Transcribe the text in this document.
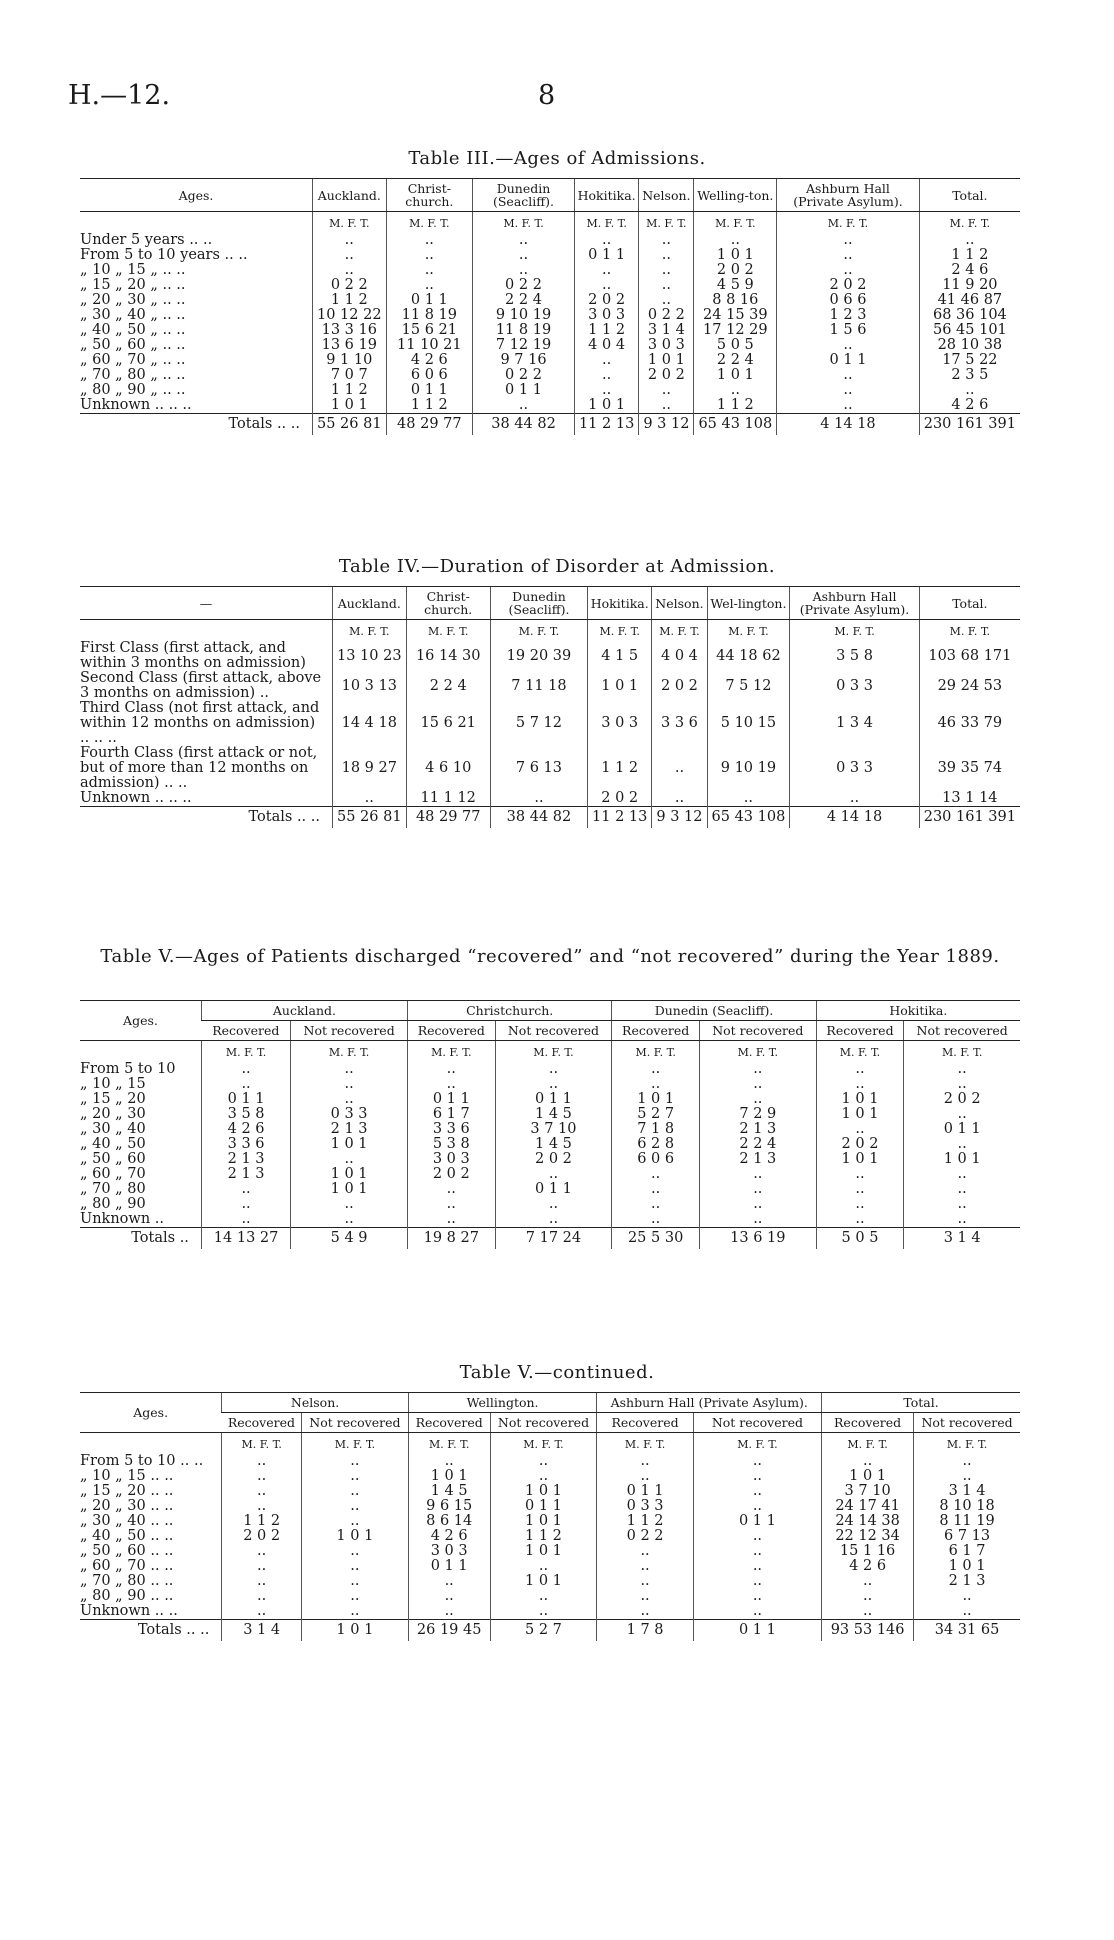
H.—12.	8
Table III.—Ages of Admissions.
Ages.	Auckland.	Christ-church.	Dunedin (Seacliff).	Hokitika.	Nelson.	Welling-ton.	Ashburn Hall (Private Asylum).	Total.
	M. F. T.	M. F. T.	M. F. T.	M. F. T.	M. F. T.	M. F. T.	M. F. T.	M. F. T.
Under 5 years .. ..	..	..	..	..	..	..	..	..
From 5 to 10 years .. ..	..	..	..	0 1 1	..	1 0 1	..	1 1 2
„ 10 „ 15 „ .. ..	..	..	..	..	..	2 0 2	..	2 4 6
„ 15 „ 20 „ .. ..	0 2 2	..	0 2 2	..	..	4 5 9	2 0 2	11 9 20
„ 20 „ 30 „ .. ..	1 1 2	0 1 1	2 2 4	2 0 2	..	8 8 16	0 6 6	41 46 87
„ 30 „ 40 „ .. ..	10 12 22	11 8 19	9 10 19	3 0 3	0 2 2	24 15 39	1 2 3	68 36 104
„ 40 „ 50 „ .. ..	13 3 16	15 6 21	11 8 19	1 1 2	3 1 4	17 12 29	1 5 6	56 45 101
„ 50 „ 60 „ .. ..	13 6 19	11 10 21	7 12 19	4 0 4	3 0 3	5 0 5	..	28 10 38
„ 60 „ 70 „ .. ..	9 1 10	4 2 6	9 7 16	..	1 0 1	2 2 4	0 1 1	17 5 22
„ 70 „ 80 „ .. ..	7 0 7	6 0 6	0 2 2	..	2 0 2	1 0 1	..	2 3 5
„ 80 „ 90 „ .. ..	1 1 2	0 1 1	0 1 1	..	..	..	..	..
Unknown .. .. ..	1 0 1	1 1 2	..	1 0 1	..	1 1 2	..	4 2 6
Totals .. ..	55 26 81	48 29 77	38 44 82	11 2 13	9 3 12	65 43 108	4 14 18	230 161 391
Table IV.—Duration of Disorder at Admission.
—	Auckland.	Christ-church.	Dunedin (Seacliff).	Hokitika.	Nelson.	Wel-lington.	Ashburn Hall (Private Asylum).	Total.
	M. F. T.	M. F. T.	M. F. T.	M. F. T.	M. F. T.	M. F. T.	M. F. T.	M. F. T.
First Class (first attack, and within 3 months on admission)	13 10 23	16 14 30	19 20 39	4 1 5	4 0 4	44 18 62	3 5 8	103 68 171
Second Class (first attack, above 3 months on admission) ..	10 3 13	2 2 4	7 11 18	1 0 1	2 0 2	7 5 12	0 3 3	29 24 53
Third Class (not first attack, and within 12 months on admission) .. .. ..	14 4 18	15 6 21	5 7 12	3 0 3	3 3 6	5 10 15	1 3 4	46 33 79
Fourth Class (first attack or not, but of more than 12 months on admission) .. ..	18 9 27	4 6 10	7 6 13	1 1 2	..	9 10 19	0 3 3	39 35 74
Unknown .. .. ..	..	11 1 12	..	2 0 2	..	..	..	13 1 14
Totals .. ..	55 26 81	48 29 77	38 44 82	11 2 13	9 3 12	65 43 108	4 14 18	230 161 391
Table V.—Ages of Patients discharged “recovered” and “not recovered” during the Year 1889.
Ages.	Auckland.		Christchurch.		Dunedin (Seacliff).		Hokitika.	
	Recovered	Not recovered	Recovered	Not recovered	Recovered	Not recovered	Recovered	Not recovered
	M. F. T.	M. F. T.	M. F. T.	M. F. T.	M. F. T.	M. F. T.	M. F. T.	M. F. T.
From 5 to 10	..	..	..	..	..	..	..	..
„ 10 „ 15	..	..	..	..	..	..	..	..
„ 15 „ 20	0 1 1	..	0 1 1	0 1 1	1 0 1	..	1 0 1	2 0 2
„ 20 „ 30	3 5 8	0 3 3	6 1 7	1 4 5	5 2 7	7 2 9	1 0 1	..
„ 30 „ 40	4 2 6	2 1 3	3 3 6	3 7 10	7 1 8	2 1 3	..	0 1 1
„ 40 „ 50	3 3 6	1 0 1	5 3 8	1 4 5	6 2 8	2 2 4	2 0 2	..
„ 50 „ 60	2 1 3	..	3 0 3	2 0 2	6 0 6	2 1 3	1 0 1	1 0 1
„ 60 „ 70	2 1 3	1 0 1	2 0 2	..	..	..	..	..
„ 70 „ 80	..	1 0 1	..	0 1 1	..	..	..	..
„ 80 „ 90	..	..	..	..	..	..	..	..
Unknown ..	..	..	..	..	..	..	..	..
Totals ..	14 13 27	5 4 9	19 8 27	7 17 24	25 5 30	13 6 19	5 0 5	3 1 4
Table V.—continued.
Ages.	Nelson.		Wellington.		Ashburn Hall (Private Asylum).		Total.	
	Recovered	Not recovered	Recovered	Not recovered	Recovered	Not recovered	Recovered	Not recovered
	M. F. T.	M. F. T.	M. F. T.	M. F. T.	M. F. T.	M. F. T.	M. F. T.	M. F. T.
From 5 to 10 .. ..	..	..	..	..	..	..	..	..
„ 10 „ 15 .. ..	..	..	1 0 1	..	..	..	1 0 1	..
„ 15 „ 20 .. ..	..	..	1 4 5	1 0 1	0 1 1	..	3 7 10	3 1 4
„ 20 „ 30 .. ..	..	..	9 6 15	0 1 1	0 3 3	..	24 17 41	8 10 18
„ 30 „ 40 .. ..	1 1 2	..	8 6 14	1 0 1	1 1 2	0 1 1	24 14 38	8 11 19
„ 40 „ 50 .. ..	2 0 2	1 0 1	4 2 6	1 1 2	0 2 2	..	22 12 34	6 7 13
„ 50 „ 60 .. ..	..	..	3 0 3	1 0 1	..	..	15 1 16	6 1 7
„ 60 „ 70 .. ..	..	..	0 1 1	..	..	..	4 2 6	1 0 1
„ 70 „ 80 .. ..	..	..	..	1 0 1	..	..	..	2 1 3
„ 80 „ 90 .. ..	..	..	..	..	..	..	..	..
Unknown .. ..	..	..	..	..	..	..	..	..
Totals .. ..	3 1 4	1 0 1	26 19 45	5 2 7	1 7 8	0 1 1	93 53 146	34 31 65
